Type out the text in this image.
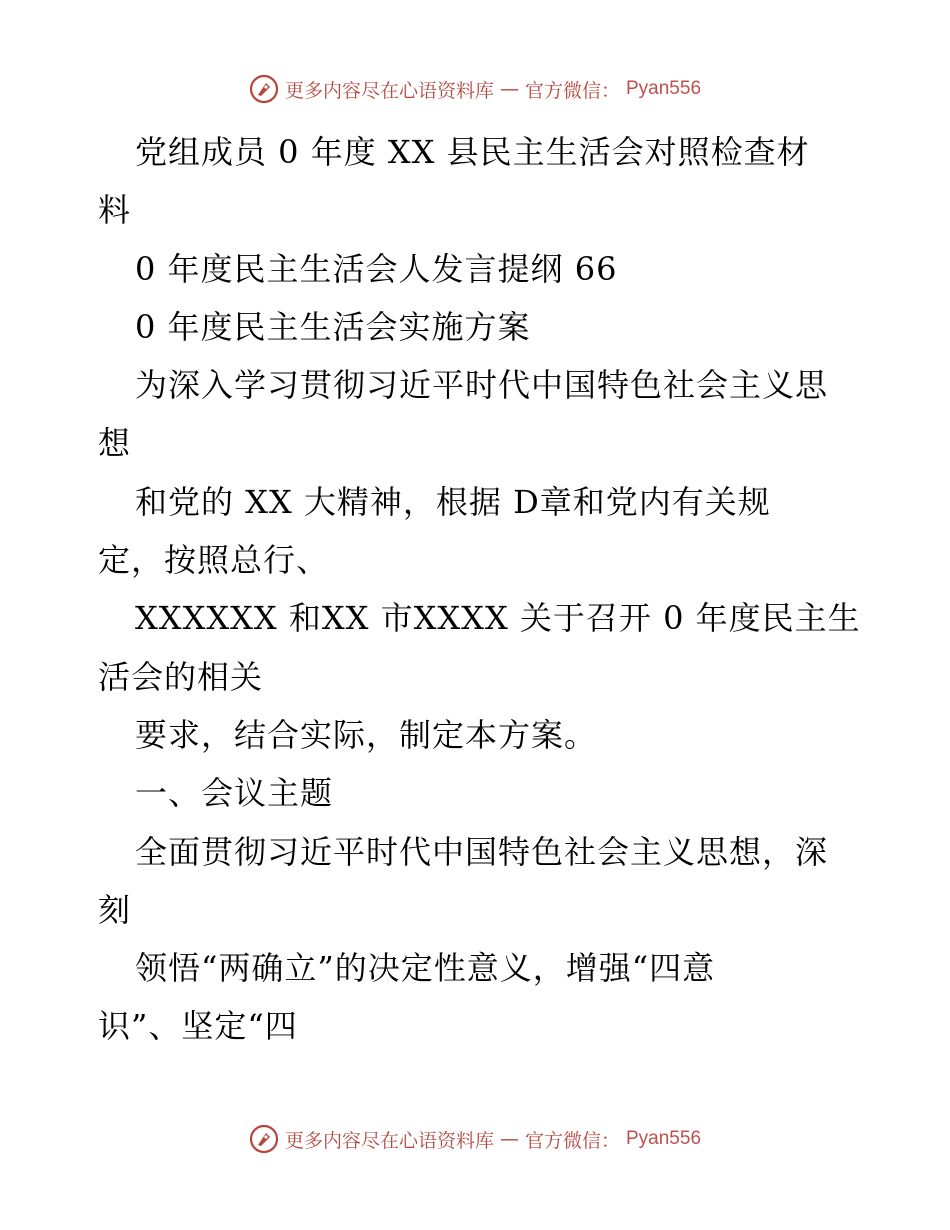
更多内容尽在心语资料库 — 官方微信： Pyan556

党组成员 0 年度 XX 县民主生活会对照检查材

料

0 年度民主生活会人发言提纲 66

0 年度民主生活会实施方案

为深入学习贯彻习近平时代中国特色社会主义思

想

和党的 XX 大精神，根据 D章和党内有关规

定，按照总行、

XXXXXX 和XX 市XXXX 关于召开 0 年度民主生

活会的相关

要求，结合实际，制定本方案。

一、会议主题

全面贯彻习近平时代中国特色社会主义思想，深

刻

领悟“两确立”的决定性意义，增强“四意

识”、坚定“四

更多内容尽在心语资料库 — 官方微信： Pyan556
